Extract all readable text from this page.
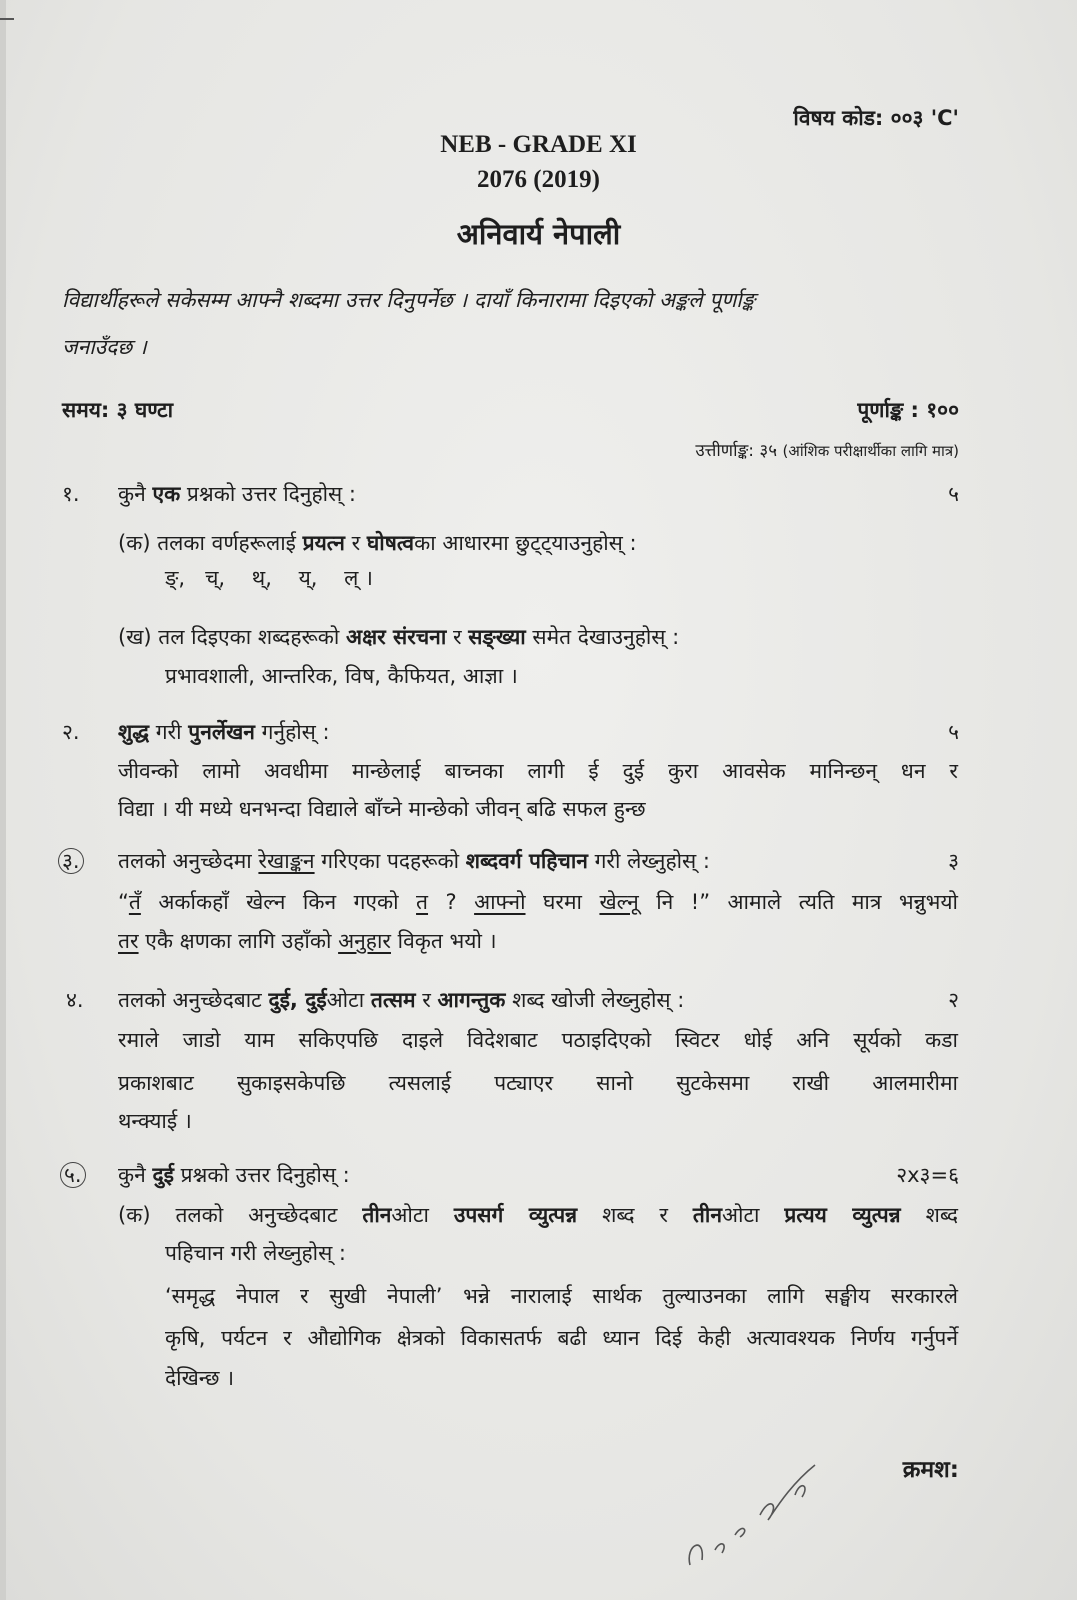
विषय कोड: ००३ 'C'
NEB - GRADE XI
2076 (2019)
अनिवार्य नेपाली
विद्यार्थीहरूले सकेसम्म आफ्नै शब्दमा उत्तर दिनुपर्नेछ । दायाँ किनारामा दिइएको अङ्कले पूर्णाङ्क
जनाउँदछ ।
समय: ३ घण्टा	पूर्णाङ्क : १००
उत्तीर्णाङ्क: ३५ (आंशिक परीक्षार्थीका लागि मात्र)
१. कुनै एक प्रश्नको उत्तर दिनुहोस् :	५
(क) तलका वर्णहरूलाई प्रयत्न र घोषत्वका आधारमा छुट्ट्याउनुहोस् :
ङ्,   च्,    थ्,    य्,    ल् ।
(ख) तल दिइएका शब्दहरूको अक्षर संरचना र सङ्ख्या समेत देखाउनुहोस् :
प्रभावशाली, आन्तरिक, विष, कैफियत, आज्ञा ।
२. शुद्ध गरी पुनर्लेखन गर्नुहोस् :	५
जीवन्को लामो अवधीमा मान्छेलाई बाच्नका लागी ई दुई कुरा आवसेक मानिन्छन् धन र
विद्या । यी मध्ये धनभन्दा विद्याले बाँच्ने मान्छेको जीवन् बढि सफल हुन्छ
३. तलको अनुच्छेदमा रेखाङ्कन गरिएका पदहरूको शब्दवर्ग पहिचान गरी लेख्नुहोस् :	३
“तँ अर्काकहाँ खेल्न किन गएको त ? आफ्नो घरमा खेल्नू नि !” आमाले त्यति मात्र भन्नुभयो
तर एकै क्षणका लागि उहाँको अनुहार विकृत भयो ।
४. तलको अनुच्छेदबाट दुई, दुईओटा तत्सम र आगन्तुक शब्द खोजी लेख्नुहोस् :	२
रमाले जाडो याम सकिएपछि दाइले विदेशबाट पठाइदिएको स्विटर धोई अनि सूर्यको कडा
प्रकाशबाट सुकाइसकेपछि त्यसलाई पट्याएर सानो सुटकेसमा राखी आलमारीमा
थन्क्याई ।
५. कुनै दुई प्रश्नको उत्तर दिनुहोस् :	२x३=६
(क) तलको अनुच्छेदबाट तीनओटा उपसर्ग व्युत्पन्न शब्द र तीनओटा प्रत्यय व्युत्पन्न शब्द
पहिचान गरी लेख्नुहोस् :
‘समृद्ध नेपाल र सुखी नेपाली’ भन्ने नारालाई सार्थक तुल्याउनका लागि सङ्घीय सरकारले
कृषि, पर्यटन र औद्योगिक क्षेत्रको विकासतर्फ बढी ध्यान दिई केही अत्यावश्यक निर्णय गर्नुपर्ने
देखिन्छ ।
क्रमश:
